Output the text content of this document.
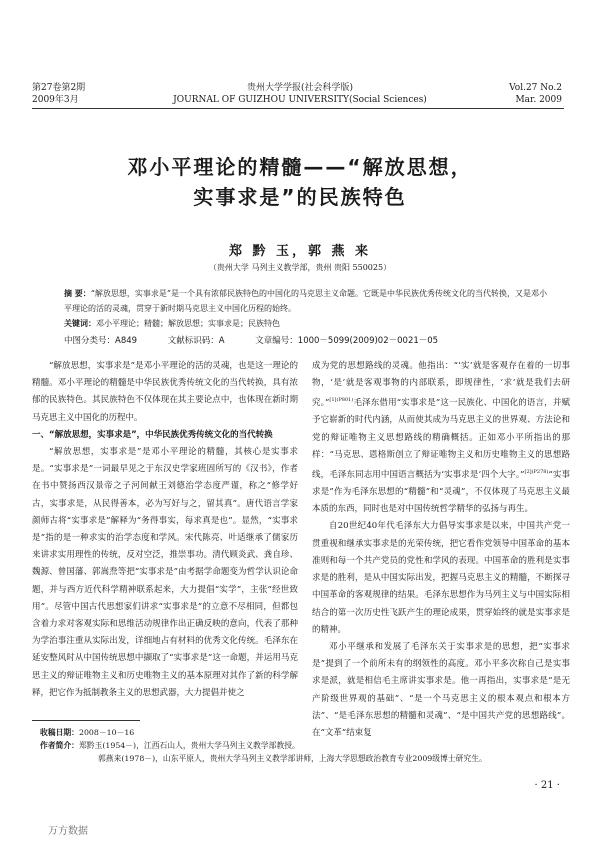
第27卷第2期
2009年3月
贵州大学学报(社会科学版)
JOURNAL OF GUIZHOU UNIVERSITY(Social Sciences)
Vol.27 No.2
Mar. 2009
邓小平理论的精髓——“解放思想，
实事求是”的民族特色
郑 黔 玉，郭 燕 来
（贵州大学 马列主义教学部，贵州 贵阳 550025）
摘 要：“解放思想，实事求是”是一个具有浓郁民族特色的中国化的马克思主义命题。它既是中华民族优秀传统文化的当代转换，又是邓小平理论的活的灵魂，贯穿于新时期马克思主义中国化历程的始终。
关键词：邓小平理论；精髓；解放思想；实事求是；民族特色
中图分类号：A849	文献标识码：A	文章编号：1000－5099(2009)02－0021－05

“解放思想，实事求是”是邓小平理论的活的灵魂，也是这一理论的精髓。邓小平理论的精髓是中华民族优秀传统文化的当代转换，具有浓郁的民族特色。其民族特色不仅体现在其主要论点中，也体现在新时期马克思主义中国化的历程中。

一、“解放思想，实事求是”，中华民族优秀传统文化的当代转换

“解放思想，实事求是”是邓小平理论的精髓，其核心是实事求是。“实事求是”一词最早见之于东汉史学家班固所写的《汉书》，作者在书中赞扬西汉景帝之子河间献王刘德治学态度严谨，称之“修学好古，实事求是，从民得善本，必为写好与之，留其真”。唐代语言学家颜师古将“实事求是”解释为“务得事实，每求真是也”。显然，“实事求是”指的是一种求实的治学态度和学风。宋代陈亮、叶适继承了儒家历来讲求实用理性的传统，反对空泛，推崇事功。清代顾炎武、龚自珍、魏源、曾国藩、郭嵩焘等把“实事求是”由考据学命题变为哲学认识论命题，并与西方近代科学精神联系起来，大力提倡“实学”，主张“经世致用”。尽管中国古代思想家们讲求“实事求是”的立意不尽相同，但都包含着力求对客观实际和思维活动规律作出正确反映的意向，代表了那种为学治事注重从实际出发，详细地占有材料的优秀文化传统。毛泽东在延安整风时从中国传统思想中撷取了“实事求是”这一命题，并运用马克思主义的辩证唯物主义和历史唯物主义的基本原理对其作了新的科学解释，把它作为抵制教条主义的思想武器，大力提倡并使之

成为党的思想路线的灵魂。他指出：“‘实’就是客观存在着的一切事物，‘是’就是客观事物的内部联系，即规律性，‘求’就是我们去研究。”$^{[1](P801)}$毛泽东借用“实事求是”这一民族化、中国化的语言，并赋予它崭新的时代内涵，从而使其成为马克思主义的世界观、方法论和党的辩证唯物主义思想路线的精确概括。正如邓小平所指出的那样：“马克思、恩格斯创立了辩证唯物主义和历史唯物主义的思想路线，毛泽东同志用中国语言概括为‘实事求是’四个大字。”$^{[2](P278)}$“实事求是”作为毛泽东思想的“精髓”和“灵魂”，不仅体现了马克思主义最本质的东西，同时也是对中国传统哲学精华的弘扬与再生。

自20世纪40年代毛泽东大力倡导实事求是以来，中国共产党一贯重视和继承实事求是的光荣传统，把它看作党领导中国革命的基本准则和每一个共产党员的党性和学风的表现。中国革命的胜利是实事求是的胜利，是从中国实际出发，把握马克思主义的精髓，不断探寻中国革命的客观规律的结果。毛泽东思想作为马列主义与中国实际相结合的第一次历史性飞跃产生的理论成果，贯穿始终的就是实事求是的精神。

邓小平继承和发展了毛泽东关于实事求是的思想，把“实事求是”提到了一个前所未有的纲领性的高度。邓小平多次称自己是实事求是派，就是相信毛主席讲实事求是。他一再指出，实事求是“是无产阶级世界观的基础”、“是一个马克思主义的根本观点和根本方法”、“是毛泽东思想的精髓和灵魂”、“是中国共产党的思想路线”。在“文革”结束复

收稿日期：2008－10－16
作者简介：郑黔玉(1954－)，江西石山人，贵州大学马列主义教学部教授。
郭燕来(1978－)，山东平原人，贵州大学马列主义教学部讲师，上海大学思想政治教育专业2009级博士研究生。
· 21 ·
万方数据
